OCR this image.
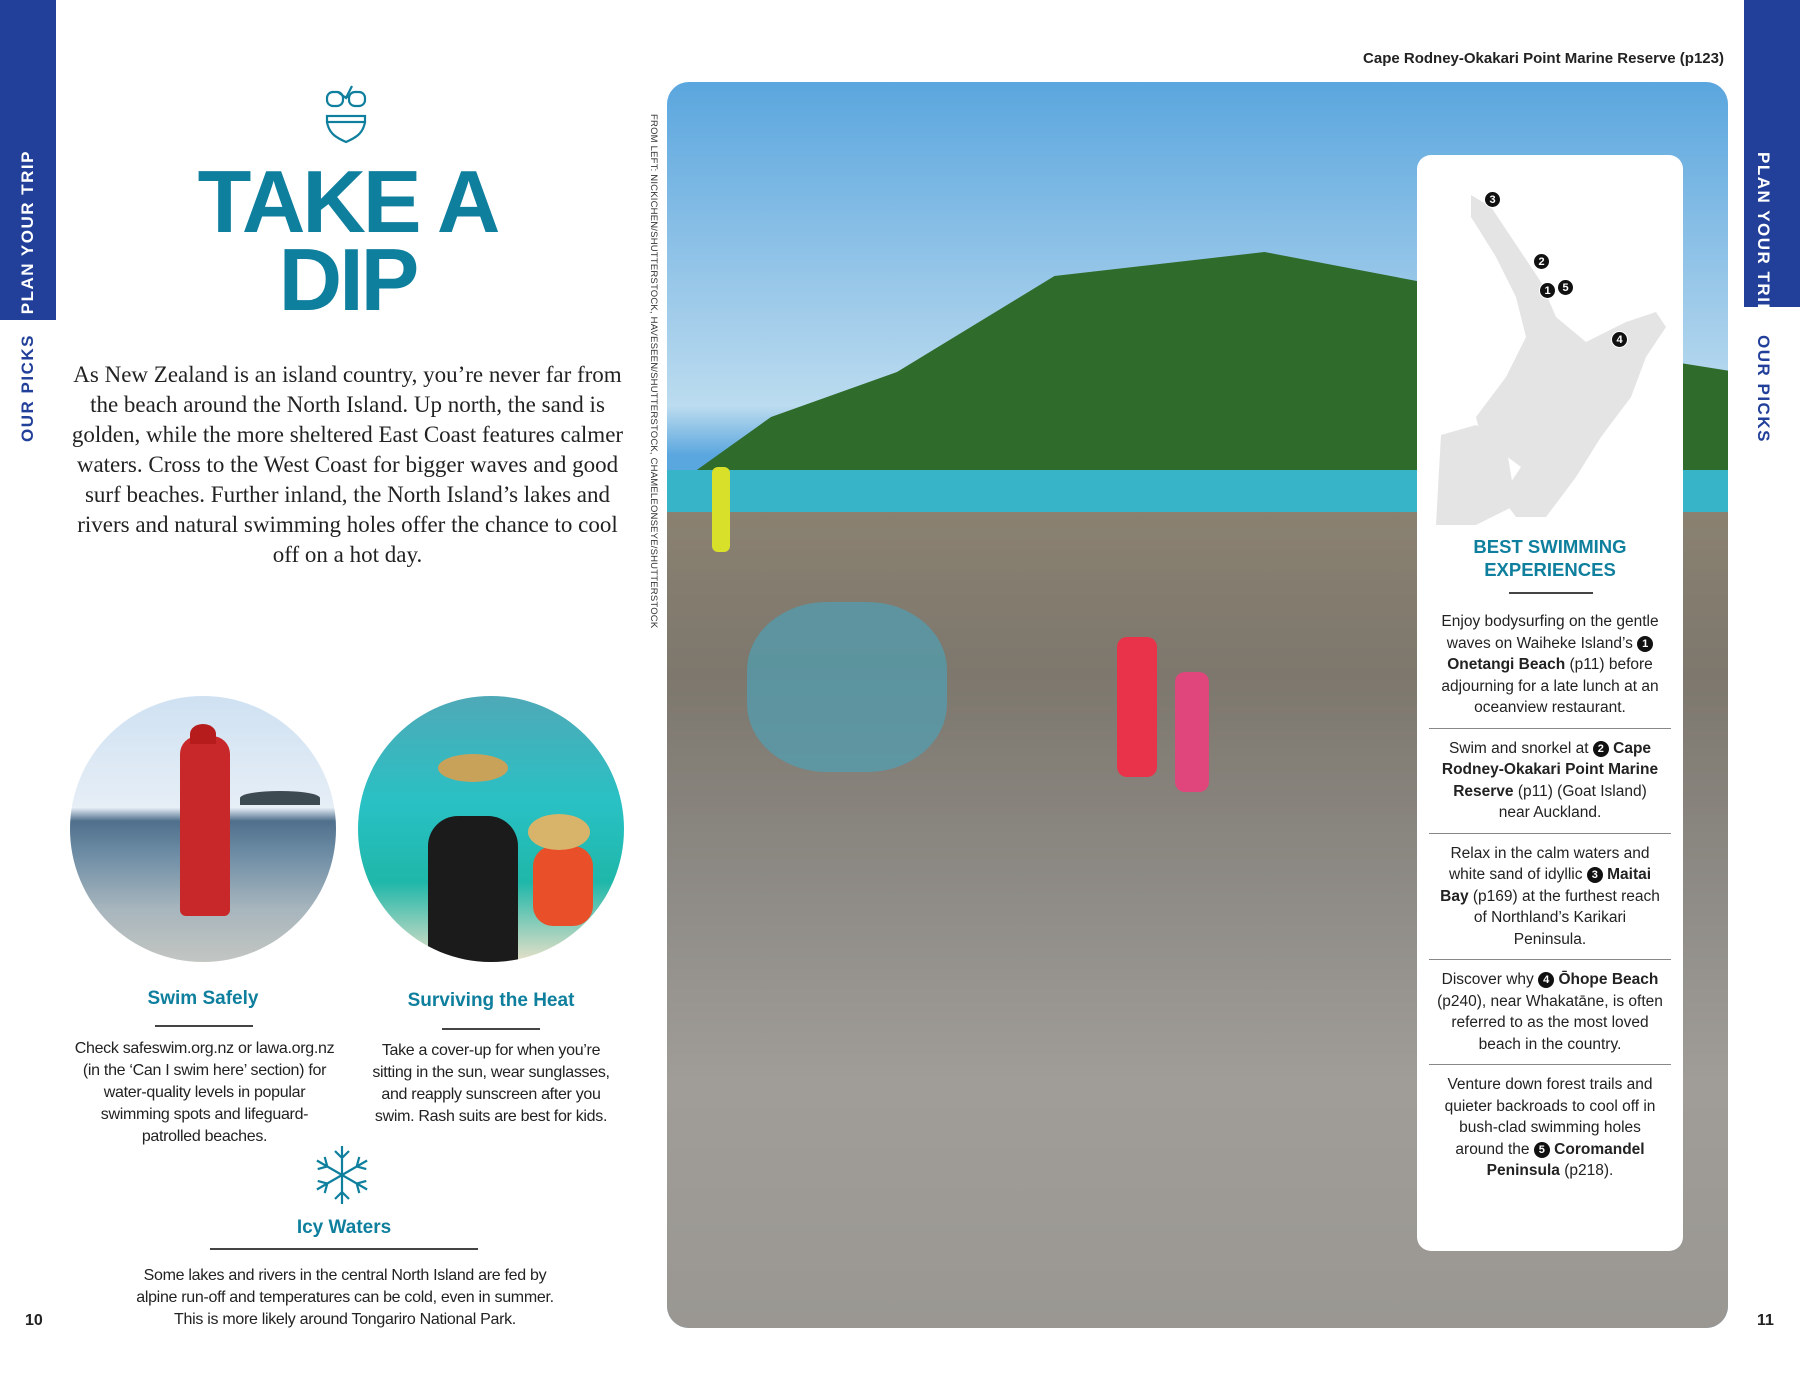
PLAN YOUR TRIP
OUR PICKS
PLAN YOUR TRIP
OUR PICKS
TAKE A
DIP

As New Zealand is an island country, you’re never far from the beach around the North Island. Up north, the sand is golden, while the more sheltered East Coast features calmer waters. Cross to the West Coast for bigger waves and good surf beaches. Further inland, the North Island’s lakes and rivers and natural swimming holes offer the chance to cool off on a hot day.

Swim Safely

Check safeswim.org.nz or lawa.org.nz (in the ‘Can I swim here’ section) for water-quality levels in popular swimming spots and lifeguard-patrolled beaches.

Surviving the Heat

Take a cover-up for when you’re sitting in the sun, wear sunglasses, and reapply sunscreen after you swim. Rash suits are best for kids.

Icy Waters

Some lakes and rivers in the central North Island are fed by alpine run-off and temperatures can be cold, even in summer. This is more likely around Tongariro National Park.

10	11
FROM LEFT: NICKICHEN/SHUTTERSTOCK, HAVESEEN/SHUTTERSTOCK, CHAMELEONSEYE/SHUTTERSTOCK
Cape Rodney-Okakari Point Marine Reserve (p123)
3
2
1	5
4
BEST SWIMMING
EXPERIENCES
Enjoy bodysurfing on the gentle waves on Waiheke Island’s 1 Onetangi Beach (p11) before adjourning for a late lunch at an oceanview restaurant.
Swim and snorkel at 2 Cape Rodney-Okakari Point Marine Reserve (p11) (Goat Island) near Auckland.
Relax in the calm waters and white sand of idyllic 3 Maitai Bay (p169) at the furthest reach of Northland’s Karikari Peninsula.
Discover why 4 Ōhope Beach (p240), near Whakatāne, is often referred to as the most loved beach in the country.
Venture down forest trails and quieter backroads to cool off in bush-clad swimming holes around the 5 Coromandel Peninsula (p218).
